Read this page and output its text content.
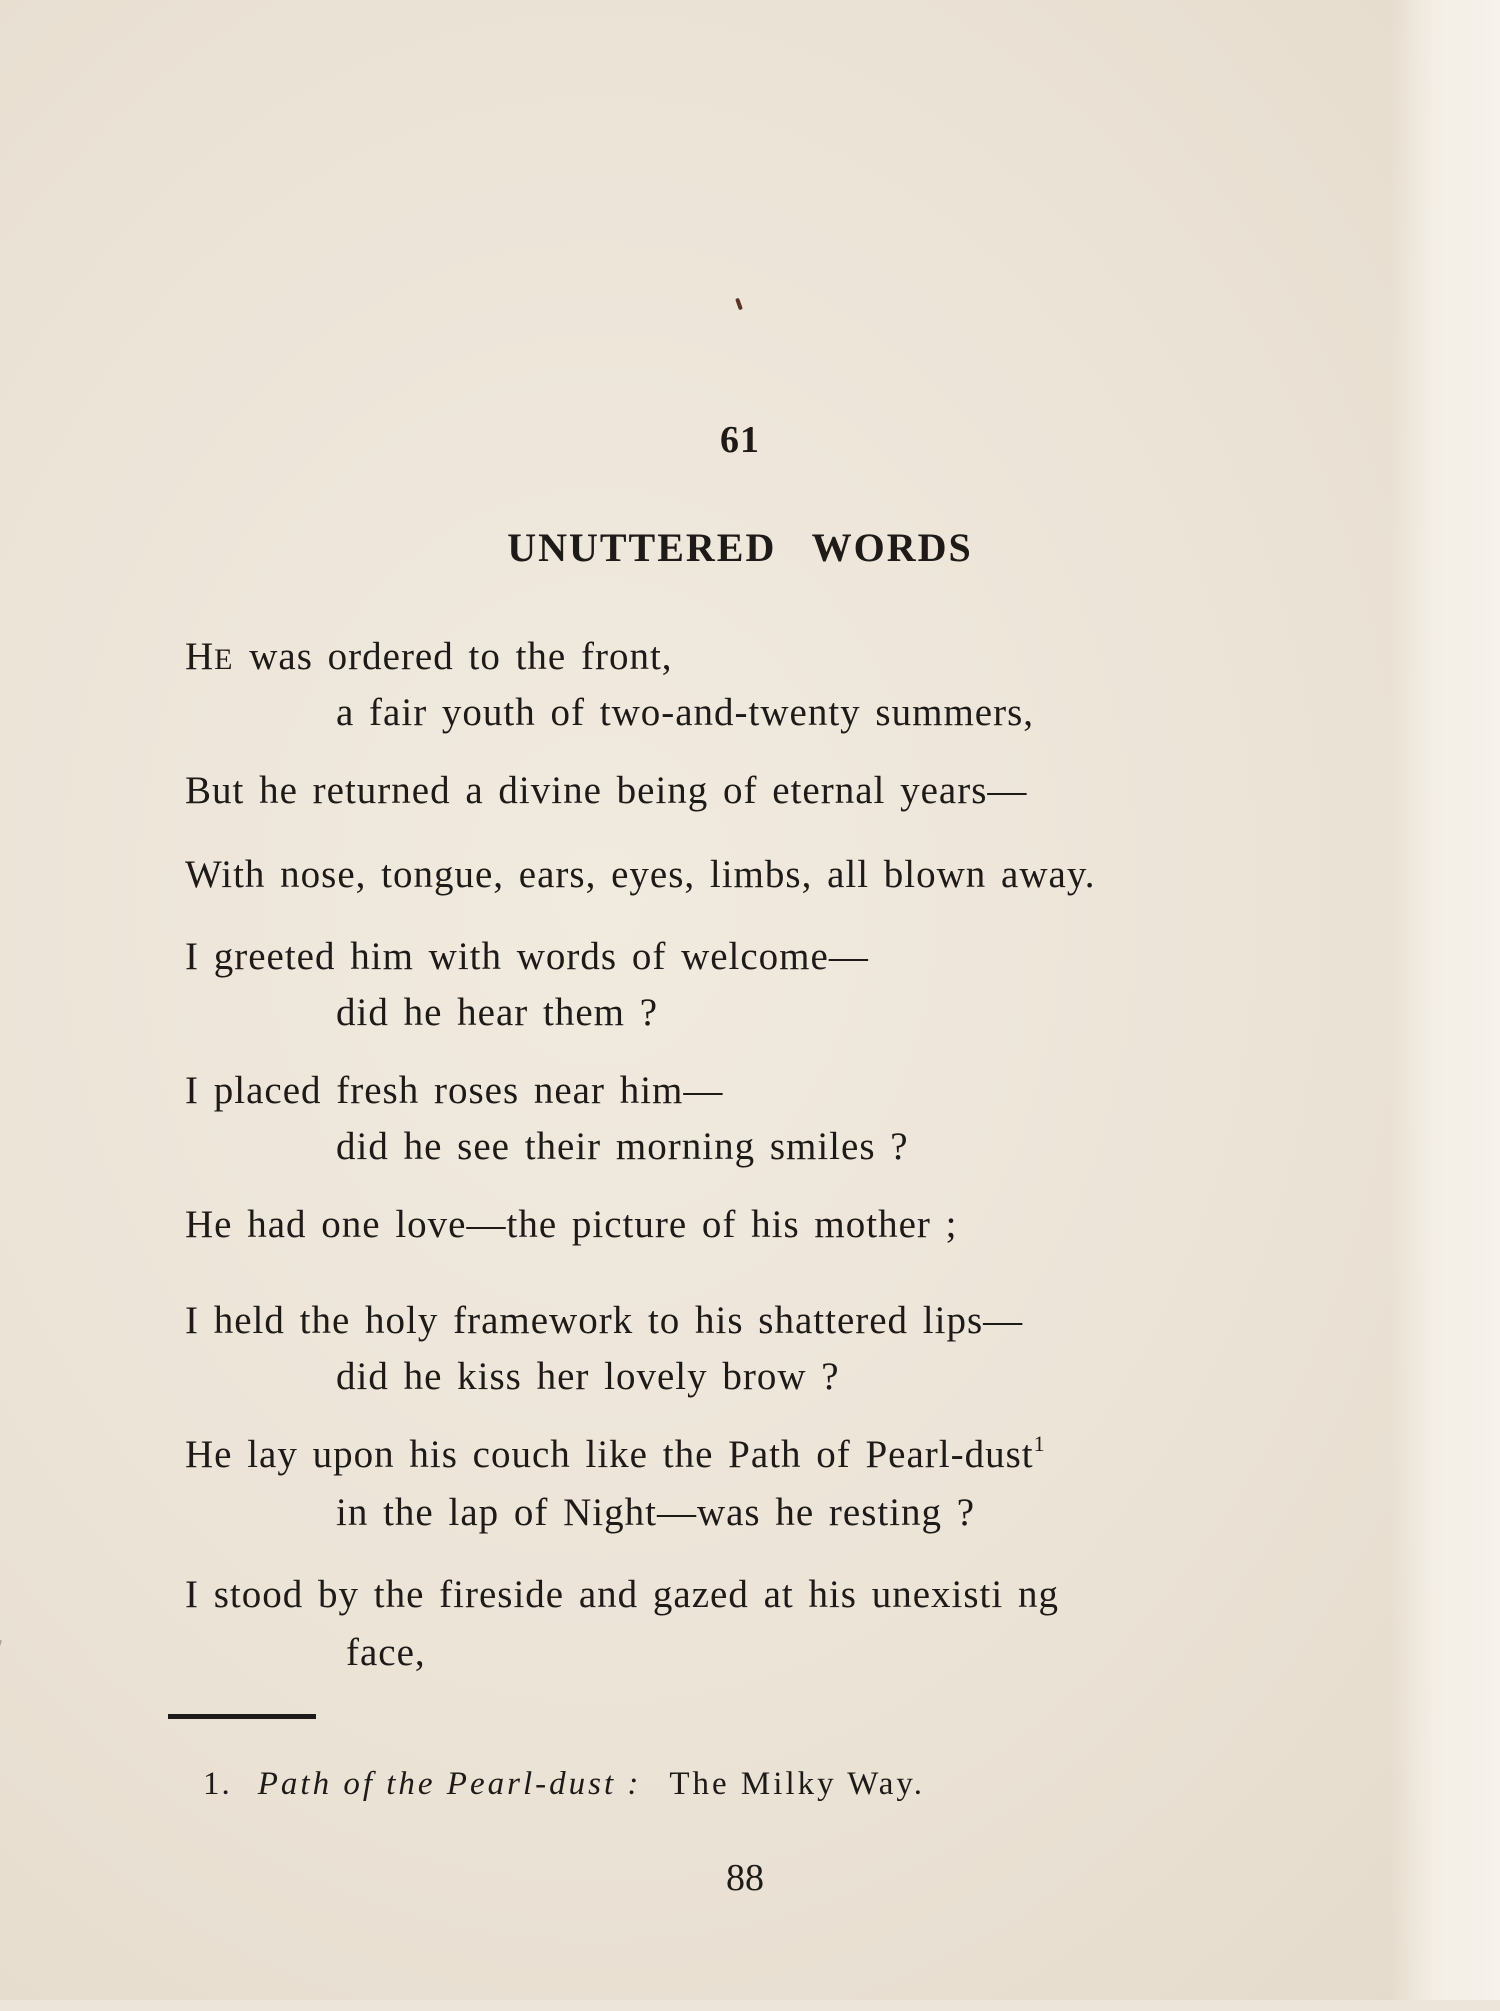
61
UNUTTERED WORDS
HE was ordered to the front,
a fair youth of two-and-twenty summers,
But he returned a divine being of eternal years—
With nose, tongue, ears, eyes, limbs, all blown away.
I greeted him with words of welcome—
did he hear them ?
I placed fresh roses near him—
did he see their morning smiles ?
He had one love—the picture of his mother ;
I held the holy framework to his shattered lips—
did he kiss her lovely brow ?
He lay upon his couch like the Path of Pearl-dust$^1$
in the lap of Night—was he resting ?
I stood by the fireside and gazed at his unexisti ng
face,
1. Path of the Pearl-dust : The Milky Way.
88
